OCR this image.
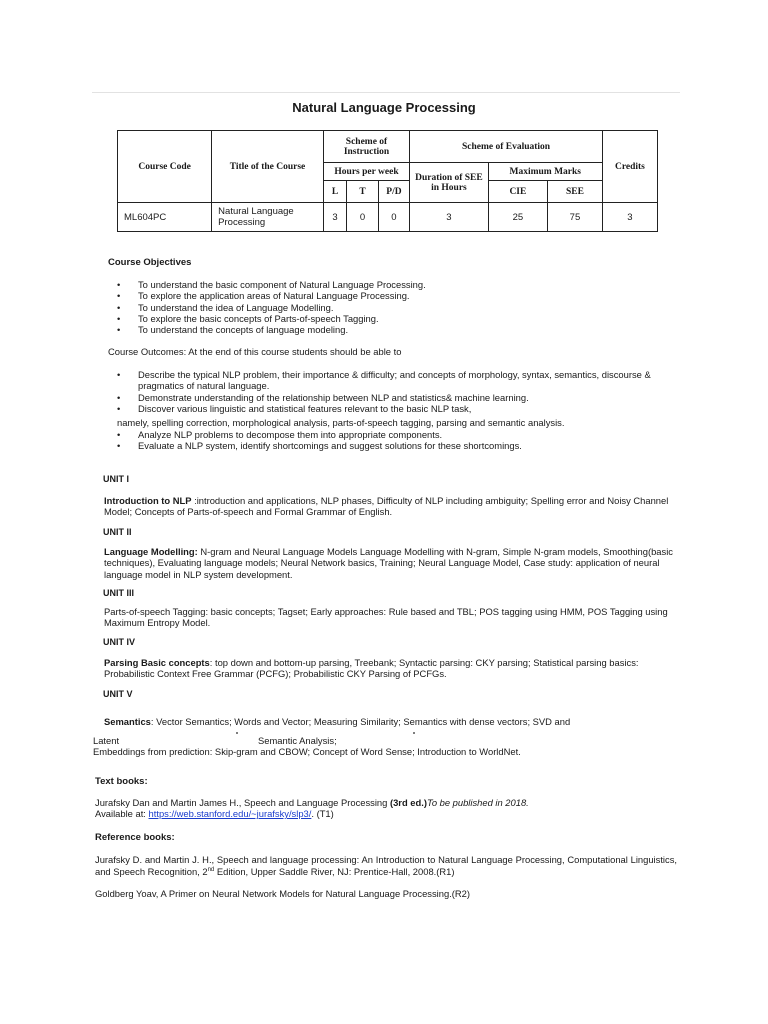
Natural Language Processing
Course Code	Title of the Course	Scheme of Instruction			Scheme of Evaluation			Credits
		Hours per week			Duration of SEE in Hours	Maximum Marks		
		L	T	P/D		CIE	SEE	
ML604PC	Natural Language Processing	3	0	0	3	25	75	3
Course Objectives
• To understand the basic component of Natural Language Processing.
• To explore the application areas of Natural Language Processing.
• To understand the idea of Language Modelling.
• To explore the basic concepts of Parts-of-speech Tagging.
• To understand the concepts of language modeling.
Course Outcomes: At the end of this course students should be able to
• Describe the typical NLP problem, their importance & difficulty; and concepts of morphology, syntax, semantics, discourse & pragmatics of natural language.
• Demonstrate understanding of the relationship between NLP and statistics& machine learning.
• Discover various linguistic and statistical features relevant to the basic NLP task,
namely, spelling correction, morphological analysis, parts-of-speech tagging, parsing and semantic analysis.
• Analyze NLP problems to decompose them into appropriate components.
• Evaluate a NLP system, identify shortcomings and suggest solutions for these shortcomings.
UNIT I
Introduction to NLP :introduction and applications, NLP phases, Difficulty of NLP including ambiguity; Spelling error and Noisy Channel Model; Concepts of Parts-of-speech and Formal Grammar of English.
UNIT II
Language Modelling: N-gram and Neural Language Models Language Modelling with N-gram, Simple N-gram models, Smoothing(basic techniques), Evaluating language models; Neural Network basics, Training; Neural Language Model, Case study: application of neural language model in NLP system development.
UNIT III
Parts-of-speech Tagging: basic concepts; Tagset; Early approaches: Rule based and TBL; POS tagging using HMM, POS Tagging using Maximum Entropy Model.
UNIT IV
Parsing Basic concepts: top down and bottom-up parsing, Treebank; Syntactic parsing: CKY parsing; Statistical parsing basics: Probabilistic Context Free Grammar (PCFG); Probabilistic CKY Parsing of PCFGs.
UNIT V
Semantics: Vector Semantics; Words and Vector; Measuring Similarity; Semantics with dense vectors; SVD and
Latent	Semantic Analysis;
Embeddings from prediction: Skip-gram and CBOW; Concept of Word Sense; Introduction to WorldNet.
Text books:
Jurafsky Dan and Martin James H., Speech and Language Processing (3rd ed.)To be published in 2018.
Available at: https://web.stanford.edu/~jurafsky/slp3/. (T1)
Reference books:
Jurafsky D. and Martin J. H., Speech and language processing: An Introduction to Natural Language Processing, Computational Linguistics, and Speech Recognition, 2nd Edition, Upper Saddle River, NJ: Prentice-Hall, 2008.(R1)
Goldberg Yoav, A Primer on Neural Network Models for Natural Language Processing.(R2)
